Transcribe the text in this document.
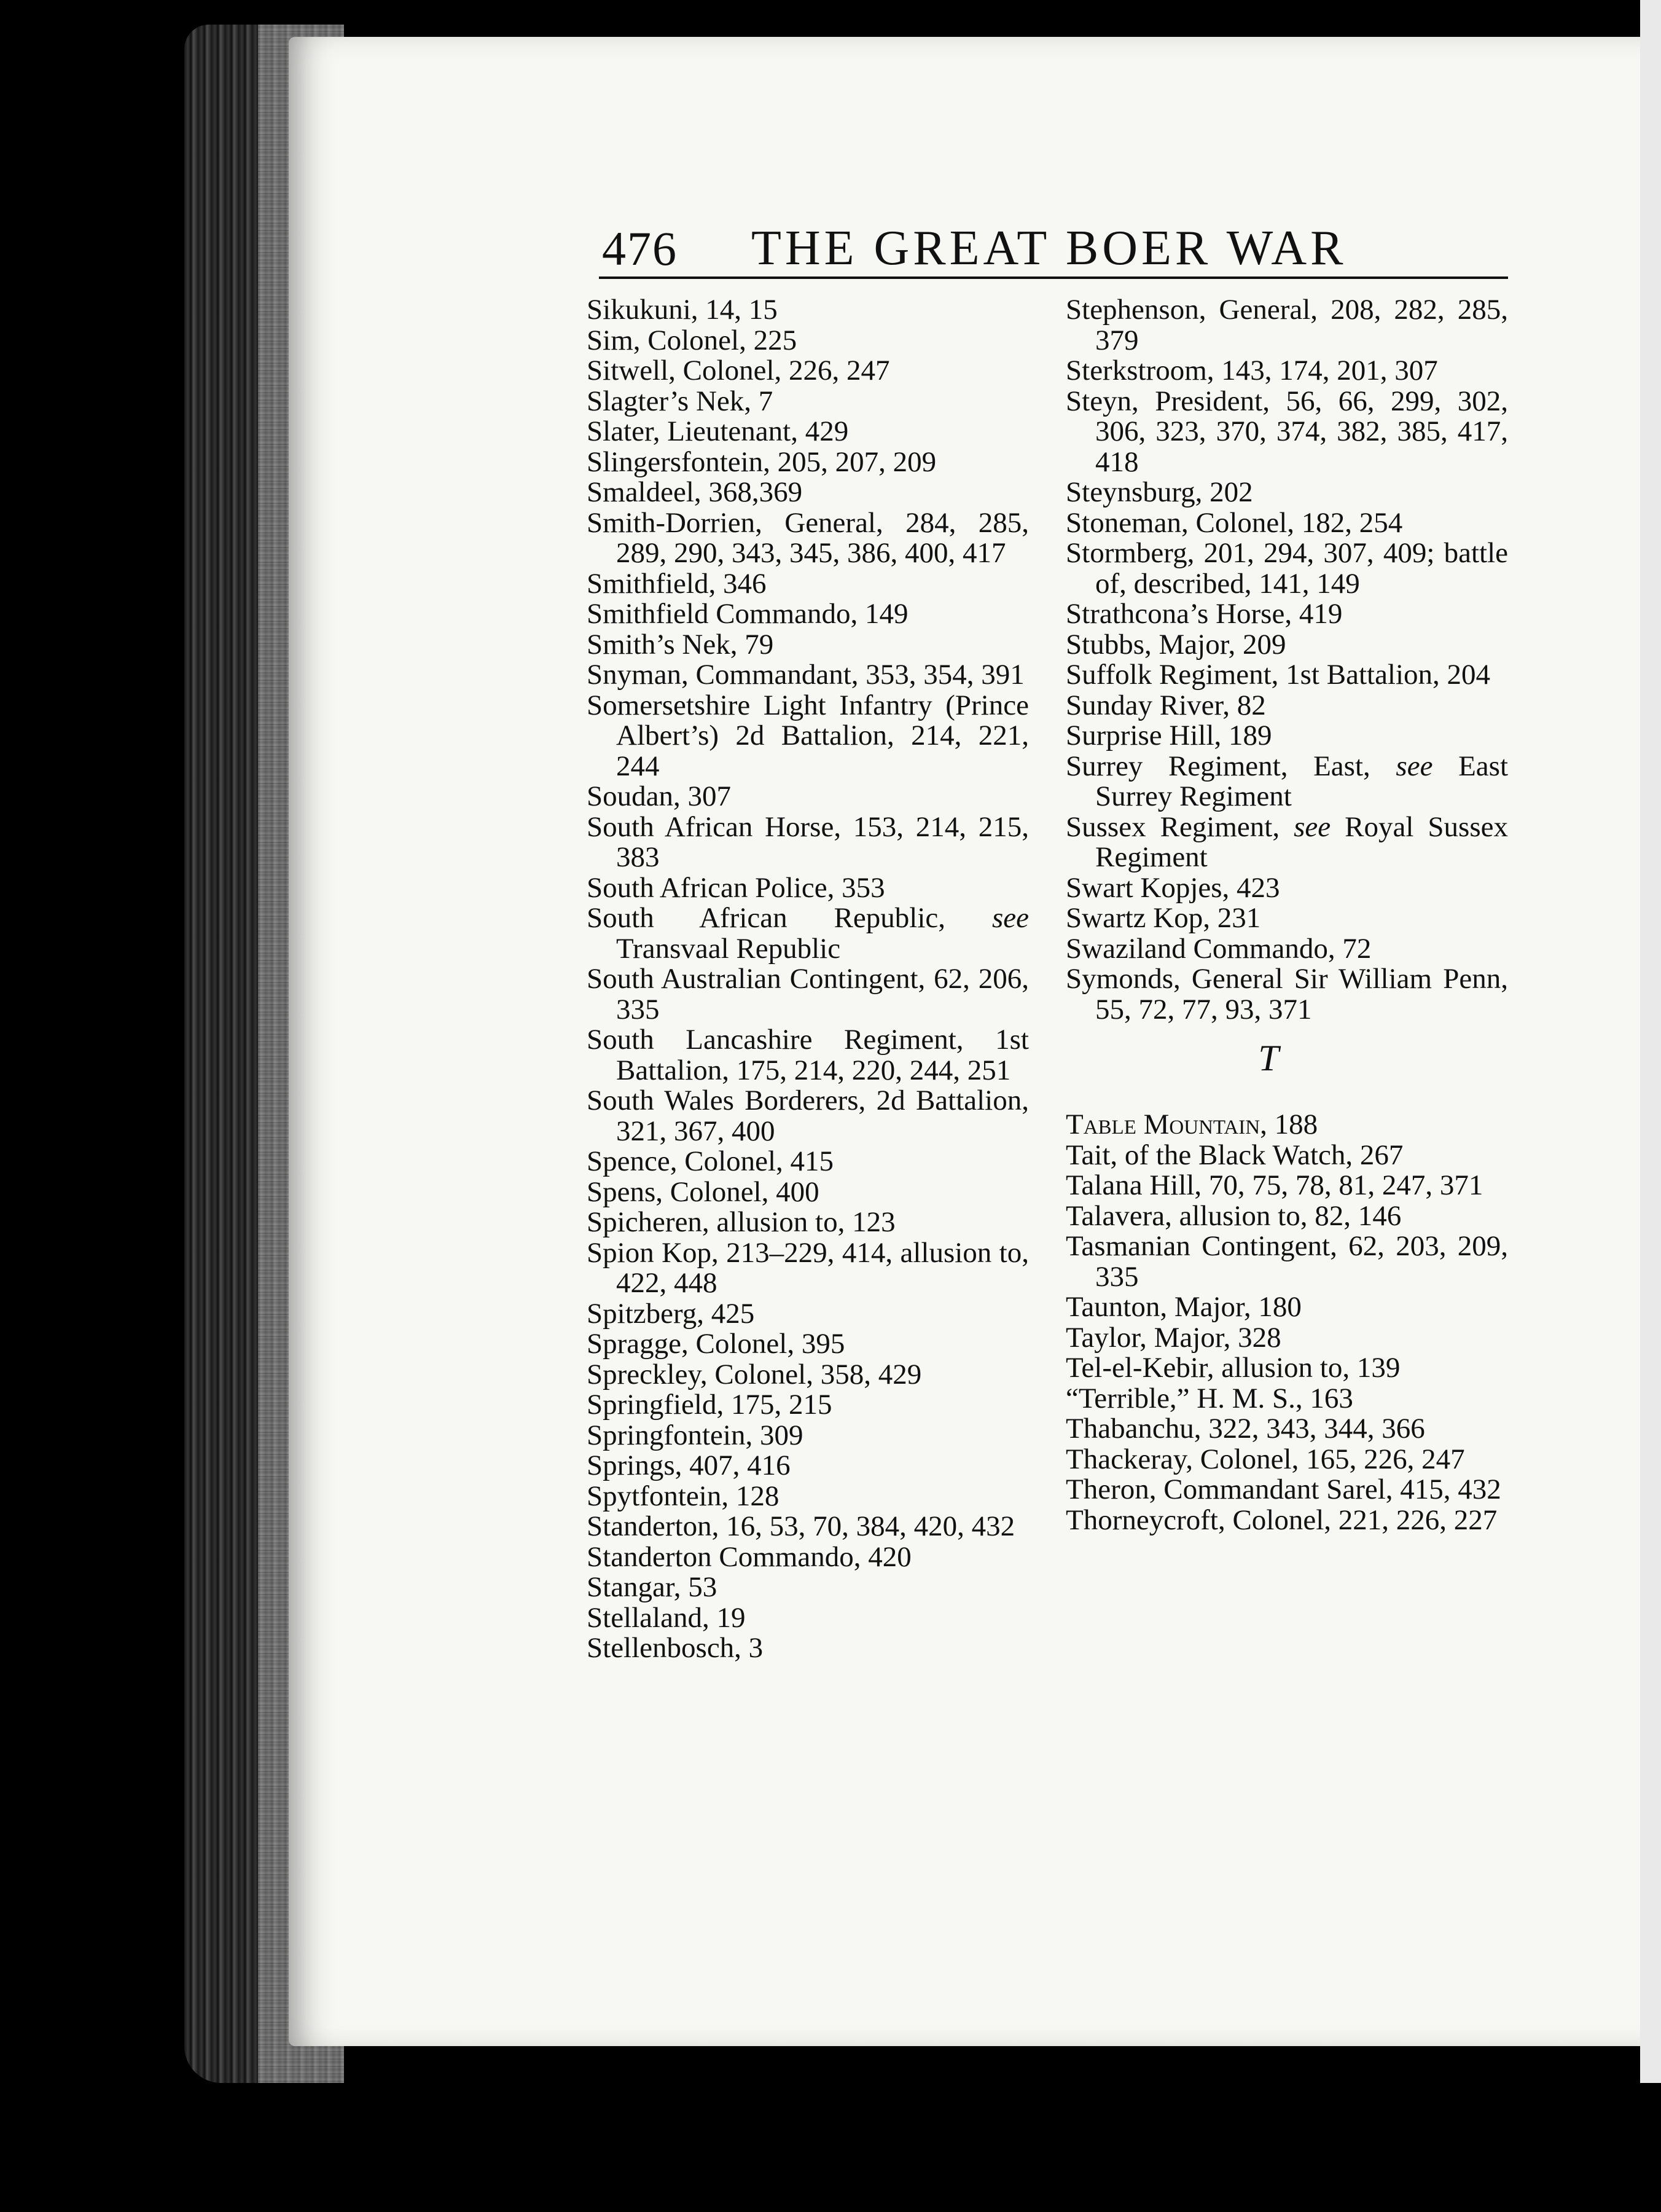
476 THE GREAT BOER WAR
Sikukuni, 14, 15
Sim, Colonel, 225
Sitwell, Colonel, 226, 247
Slagter’s Nek, 7
Slater, Lieutenant, 429
Slingersfontein, 205, 207, 209
Smaldeel, 368,369
Smith-Dorrien, General, 284, 285, 289, 290, 343, 345, 386, 400, 417
Smithfield, 346
Smithfield Commando, 149
Smith’s Nek, 79
Snyman, Commandant, 353, 354, 391
Somersetshire Light Infantry (Prince Albert’s) 2d Battalion, 214, 221, 244
Soudan, 307
South African Horse, 153, 214, 215, 383
South African Police, 353
South African Republic, see Transvaal Republic
South Australian Contingent, 62, 206, 335
South Lancashire Regiment, 1st Battalion, 175, 214, 220, 244, 251
South Wales Borderers, 2d Battalion, 321, 367, 400
Spence, Colonel, 415
Spens, Colonel, 400
Spicheren, allusion to, 123
Spion Kop, 213–229, 414, allusion to, 422, 448
Spitzberg, 425
Spragge, Colonel, 395
Spreckley, Colonel, 358, 429
Springfield, 175, 215
Springfontein, 309
Springs, 407, 416
Spytfontein, 128
Standerton, 16, 53, 70, 384, 420, 432
Standerton Commando, 420
Stangar, 53
Stellaland, 19
Stellenbosch, 3
Stephenson, General, 208, 282, 285, 379
Sterkstroom, 143, 174, 201, 307
Steyn, President, 56, 66, 299, 302, 306, 323, 370, 374, 382, 385, 417, 418
Steynsburg, 202
Stoneman, Colonel, 182, 254
Stormberg, 201, 294, 307, 409; battle of, described, 141, 149
Strathcona’s Horse, 419
Stubbs, Major, 209
Suffolk Regiment, 1st Battalion, 204
Sunday River, 82
Surprise Hill, 189
Surrey Regiment, East, see East Surrey Regiment
Sussex Regiment, see Royal Sussex Regiment
Swart Kopjes, 423
Swartz Kop, 231
Swaziland Commando, 72
Symonds, General Sir William Penn, 55, 72, 77, 93, 371
T
Table Mountain, 188
Tait, of the Black Watch, 267
Talana Hill, 70, 75, 78, 81, 247, 371
Talavera, allusion to, 82, 146
Tasmanian Contingent, 62, 203, 209, 335
Taunton, Major, 180
Taylor, Major, 328
Tel-el-Kebir, allusion to, 139
“Terrible,” H. M. S., 163
Thabanchu, 322, 343, 344, 366
Thackeray, Colonel, 165, 226, 247
Theron, Commandant Sarel, 415, 432
Thorneycroft, Colonel, 221, 226, 227
